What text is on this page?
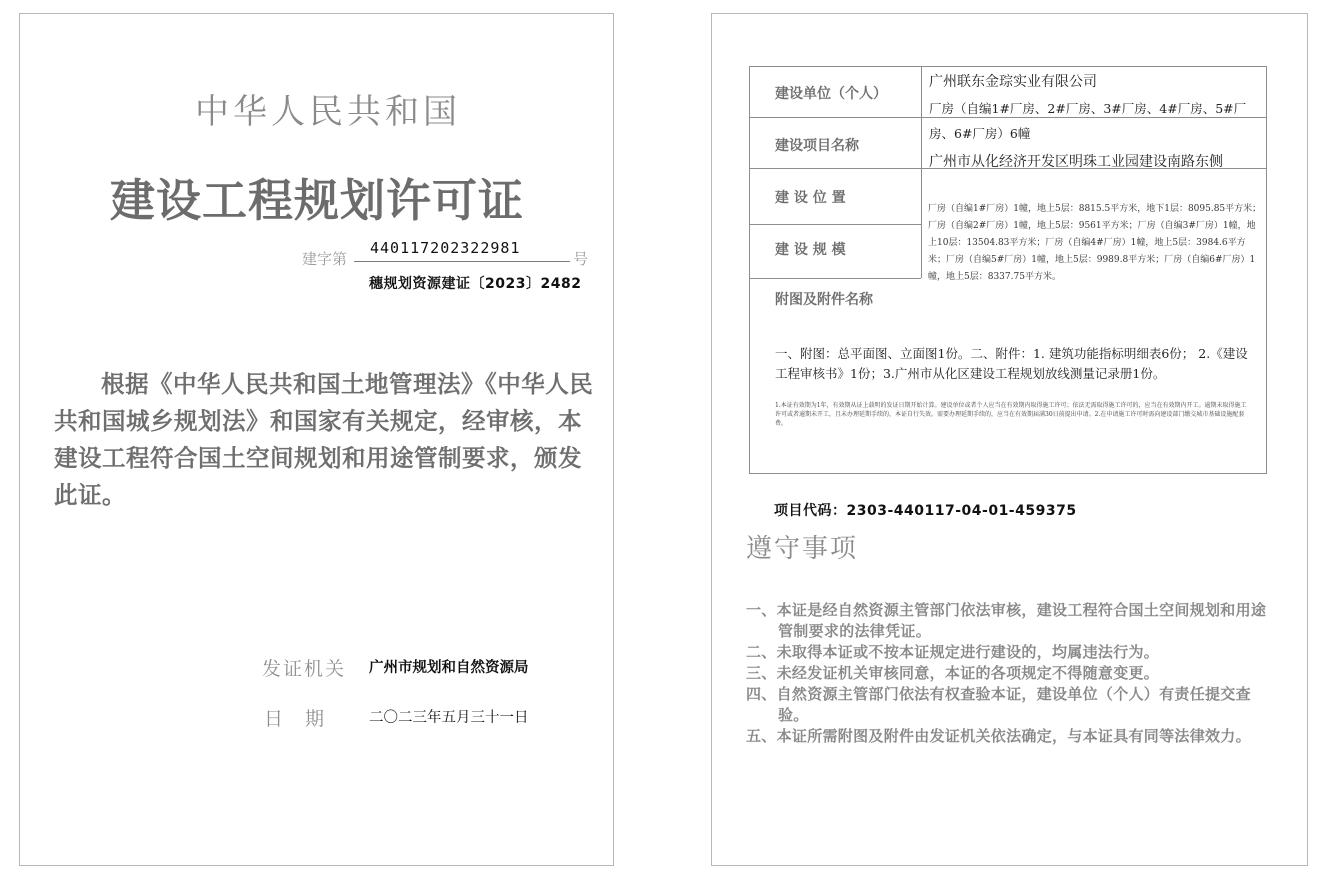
中华人民共和国
建设工程规划许可证
建字第
440117202322981
号
穗规划资源建证〔2023〕2482
根据《中华人民共和国土地管理法》《中华人民共和国城乡规划法》和国家有关规定，经审核，本建设工程符合国土空间规划和用途管制要求，颁发此证。
发证机关 广州市规划和自然资源局
日期 二〇二三年五月三十一日
建设单位（个人）
广州联东金琮实业有限公司
建设项目名称
厂房（自编1#厂房、2#厂房、3#厂房、4#厂房、5#厂房、6#厂房）6幢
建 设 位 置
广州市从化经济开发区明珠工业园建设南路东侧
建 设 规 模
厂房（自编1#厂房）1幢，地上5层：8815.5平方米，地下1层：8095.85平方米；厂房（自编2#厂房）1幢，地上5层：9561平方米；厂房（自编3#厂房）1幢，地上10层：13504.83平方米；厂房（自编4#厂房）1幢，地上5层：3984.6平方米；厂房（自编5#厂房）1幢，地上5层：9989.8平方米；厂房（自编6#厂房）1幢，地上5层：8337.75平方米。
附图及附件名称
一、附图：总平面图、立面图1份。二、附件：1. 建筑功能指标明细表6份； 2.《建设工程审核书》1份；3.广州市从化区建设工程规划放线测量记录册1份。
1.本证有效期为1年，有效期从证上载明的发证日期开始计算。建设单位或者个人应当在有效期内取得施工许可；依法无需取得施工许可的，应当在有效期内开工。逾期未取得施工许可或者逾期未开工，且未办理延期手续的，本证自行失效。需要办理延期手续的，应当在有效期届满30日前提出申请。2.在申请施工许可时需向建设部门缴交城市基础设施配套费。
项目代码：2303-440117-04-01-459375
遵守事项
一、本证是经自然资源主管部门依法审核，建设工程符合国土空间规划和用途管制要求的法律凭证。
二、未取得本证或不按本证规定进行建设的，均属违法行为。
三、未经发证机关审核同意，本证的各项规定不得随意变更。
四、自然资源主管部门依法有权查验本证，建设单位（个人）有责任提交查验。
五、本证所需附图及附件由发证机关依法确定，与本证具有同等法律效力。
